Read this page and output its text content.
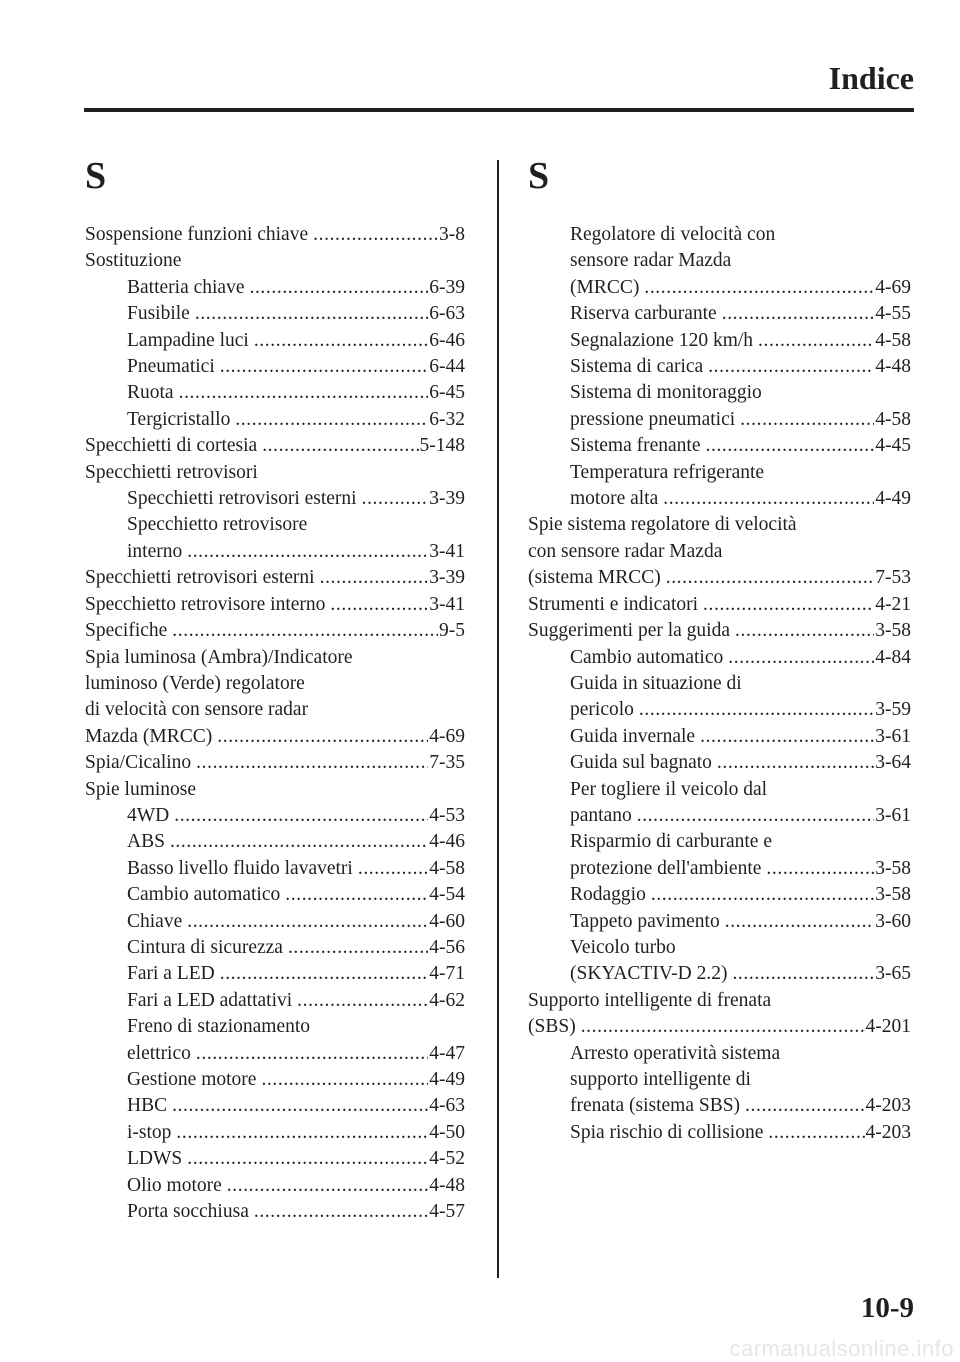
Indice
S
Sospensione funzioni chiave .....	3-8
Sostituzione
Batteria chiave .....	6-39
Fusibile .....	6-63
Lampadine luci .....	6-46
Pneumatici .....	6-44
Ruota .....	6-45
Tergicristallo .....	6-32
Specchietti di cortesia .....	5-148
Specchietti retrovisori
Specchietti retrovisori esterni .....	3-39
Specchietto retrovisore
interno .....	3-41
Specchietti retrovisori esterni .....	3-39
Specchietto retrovisore interno .....	3-41
Specifiche .....	9-5
Spia luminosa (Ambra)/Indicatore
luminoso (Verde) regolatore
di velocità con sensore radar
Mazda (MRCC) .....	4-69
Spia/Cicalino .....	7-35
Spie luminose
4WD .....	4-53
ABS .....	4-46
Basso livello fluido lavavetri .....	4-58
Cambio automatico .....	4-54
Chiave .....	4-60
Cintura di sicurezza .....	4-56
Fari a LED .....	4-71
Fari a LED adattativi .....	4-62
Freno di stazionamento
elettrico .....	4-47
Gestione motore .....	4-49
HBC .....	4-63
i-stop .....	4-50
LDWS .....	4-52
Olio motore .....	4-48
Porta socchiusa .....	4-57
S
Regolatore di velocità con
sensore radar Mazda
(MRCC) .....	4-69
Riserva carburante .....	4-55
Segnalazione 120 km/h .....	4-58
Sistema di carica .....	4-48
Sistema di monitoraggio
pressione pneumatici .....	4-58
Sistema frenante .....	4-45
Temperatura refrigerante
motore alta .....	4-49
Spie sistema regolatore di velocità
con sensore radar Mazda
(sistema MRCC) .....	7-53
Strumenti e indicatori .....	4-21
Suggerimenti per la guida .....	3-58
Cambio automatico .....	4-84
Guida in situazione di
pericolo .....	3-59
Guida invernale .....	3-61
Guida sul bagnato .....	3-64
Per togliere il veicolo dal
pantano .....	3-61
Risparmio di carburante e
protezione dell'ambiente .....	3-58
Rodaggio .....	3-58
Tappeto pavimento .....	3-60
Veicolo turbo
(SKYACTIV-D 2.2) .....	3-65
Supporto intelligente di frenata
(SBS) .....	4-201
Arresto operatività sistema
supporto intelligente di
frenata (sistema SBS) .....	4-203
Spia rischio di collisione .....	4-203
10-9
carmanualsonline.info
